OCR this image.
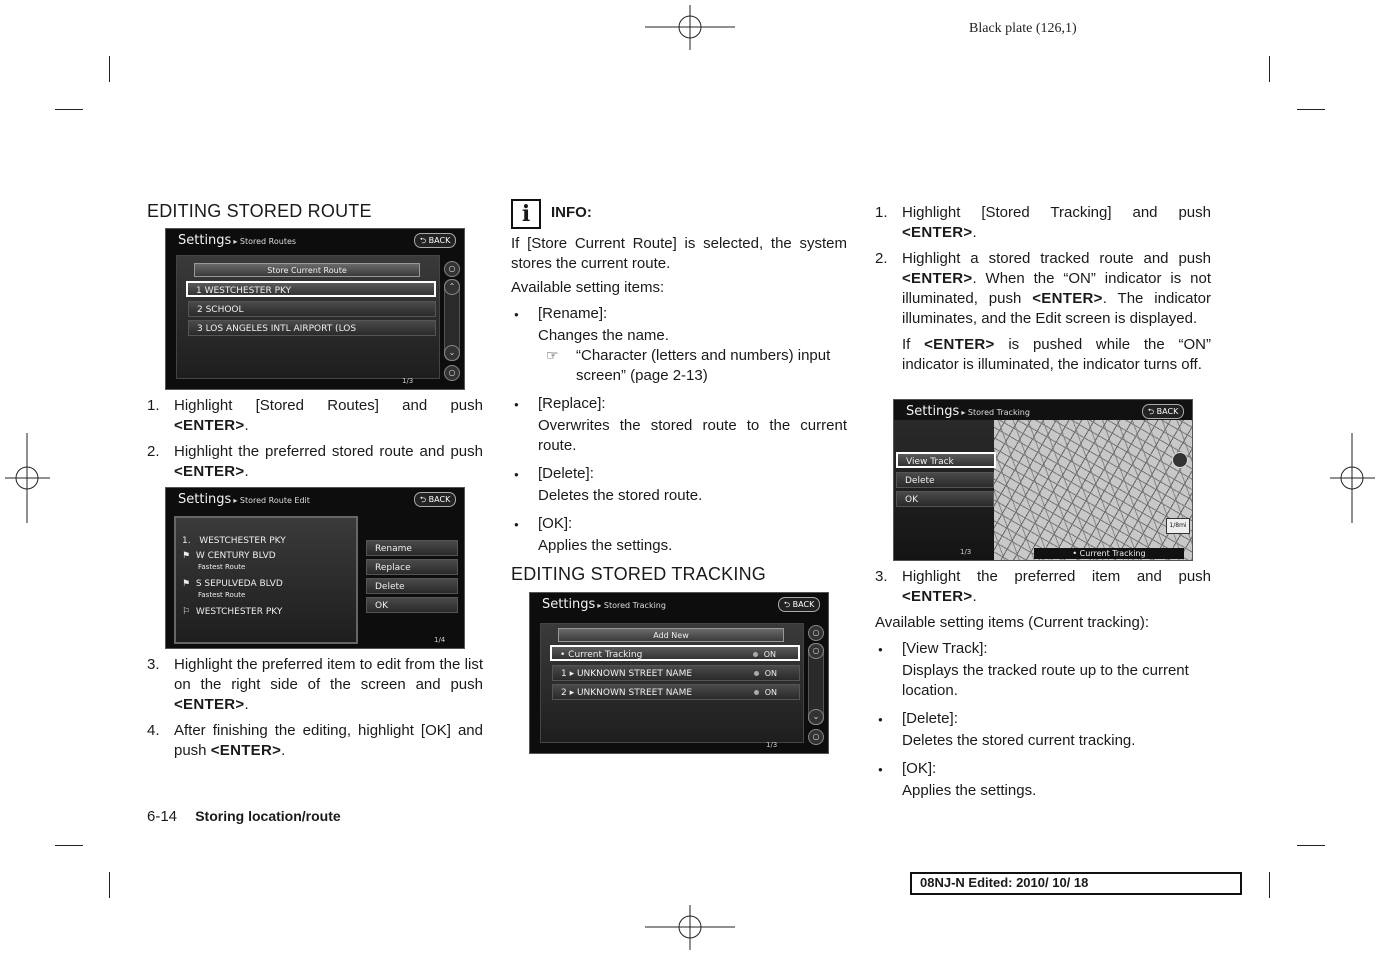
Black plate (126,1)
EDITING STORED ROUTE
Settings ▸ Stored Routes	⮌ BACK
Store Current Route
1 WESTCHESTER PKY
2 SCHOOL
3 LOS ANGELES INTL AIRPORT (LOS
○
⌃
⌄
○
1/3
1. Highlight [Stored Routes] and push <ENTER>.
2. Highlight the preferred stored route and push <ENTER>.
Settings ▸ Stored Route Edit	⮌ BACK
1. WESTCHESTER PKY
⚑ W CENTURY BLVD
Fastest Route
⚑ S SEPULVEDA BLVD
Fastest Route
⚐ WESTCHESTER PKY
Rename
Replace
Delete
OK
1/4
3. Highlight the preferred item to edit from the list on the right side of the screen and push <ENTER>.
4. After finishing the editing, highlight [OK] and push <ENTER>.
i	INFO:

If [Store Current Route] is selected, the system stores the current route.

Available setting items:

● [Rename]:
Changes the name.
☞	“Character (letters and numbers) input screen” (page 2-13)
● [Replace]:
Overwrites the stored route to the current route.
● [Delete]:
Deletes the stored route.
● [OK]:
Applies the settings.
EDITING STORED TRACKING
Settings ▸ Stored Tracking	⮌ BACK
Add New
• Current Tracking	ON
1 ▸ UNKNOWN STREET NAME	ON
2 ▸ UNKNOWN STREET NAME	ON
○
○
⌄
○
1/3
1. Highlight [Stored Tracking] and push <ENTER>.
2. Highlight a stored tracked route and push <ENTER>. When the “ON” indicator is not illuminated, push <ENTER>. The indicator illuminates, and the Edit screen is displayed.

If <ENTER> is pushed while the “ON” indicator is illuminated, the indicator turns off.

Settings ▸ Stored Tracking	⮌ BACK
View Track
Delete
OK
1/3	• Current Tracking
1/8mi
3. Highlight the preferred item and push <ENTER>.

Available setting items (Current tracking):

● [View Track]:
Displays the tracked route up to the current location.
● [Delete]:
Deletes the stored current tracking.
● [OK]:
Applies the settings.
6-14 Storing location/route
08NJ-N Edited: 2010/ 10/ 18
